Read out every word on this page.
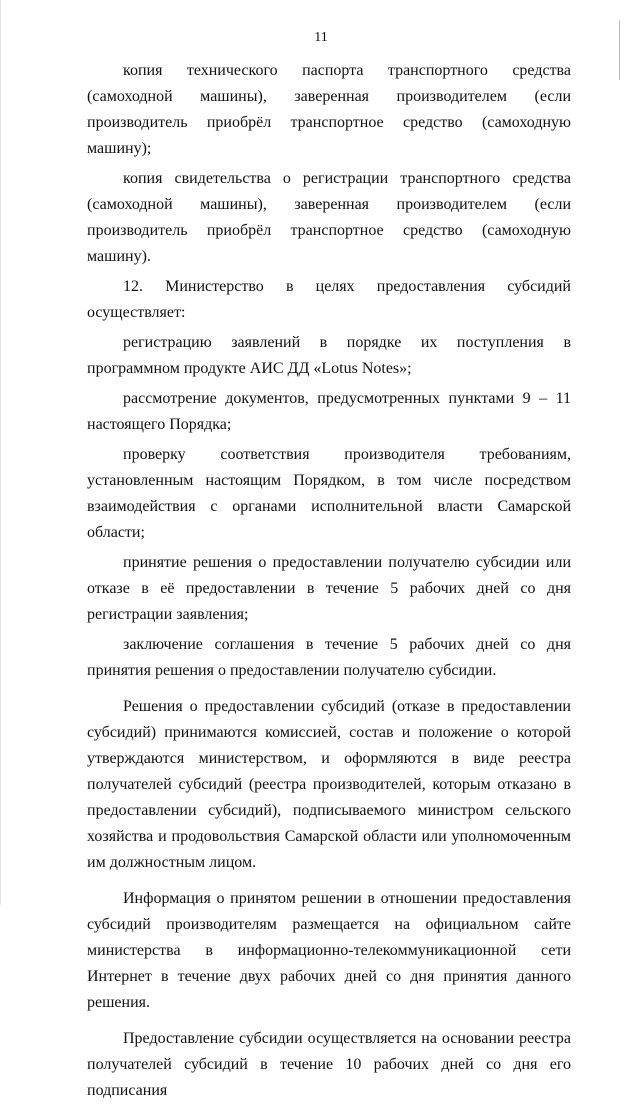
11

копия технического паспорта транспортного средства (самоходной машины), заверенная производителем (если производитель приобрёл транспортное средство (самоходную машину);

копия свидетельства о регистрации транспортного средства (самоходной машины), заверенная производителем (если производитель приобрёл транспортное средство (самоходную машину).

12. Министерство в целях предоставления субсидий осуществляет:

регистрацию заявлений в порядке их поступления в программном продукте АИС ДД «Lotus Notes»;

рассмотрение документов, предусмотренных пунктами 9 – 11 настоящего Порядка;

проверку соответствия производителя требованиям, установленным настоящим Порядком, в том числе посредством взаимодействия с органами исполнительной власти Самарской области;

принятие решения о предоставлении получателю субсидии или отказе в её предоставлении в течение 5 рабочих дней со дня регистрации заявления;

заключение соглашения в течение 5 рабочих дней со дня принятия решения о предоставлении получателю субсидии.

Решения о предоставлении субсидий (отказе в предоставлении субсидий) принимаются комиссией, состав и положение о которой утверждаются министерством, и оформляются в виде реестра получателей субсидий (реестра производителей, которым отказано в предоставлении субсидий), подписываемого министром сельского хозяйства и продовольствия Самарской области или уполномоченным им должностным лицом.

Информация о принятом решении в отношении предоставления субсидий производителям размещается на официальном сайте министерства в информационно-телекоммуникационной сети Интернет в течение двух рабочих дней со дня принятия данного решения.

Предоставление субсидии осуществляется на основании реестра получателей субсидий в течение 10 рабочих дней со дня его подписания
